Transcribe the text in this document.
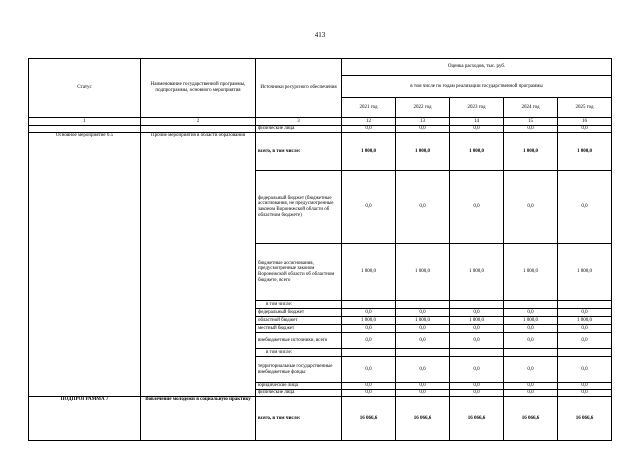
413
Статус	Наименование государственной программы, подпрограммы, основного мероприятия	Источники ресурсного обеспечения	Оценка расходов, тыс. руб.				
			в том числе по годам реализации государственной программы				
			2021 год	2022 год	2023 год	2024 год	2025 год
1	2	3	12	13	14	15	16
		физические лица	0,0	0,0	0,0	0,0	0,0
Основное мероприятие 6.5	Прочие мероприятия в области образования	всего, в том числе:	1 000,0	1 000,0	1 000,0	1 000,0	1 000,0
		федеральный бюджет (бюджетные ассигнования, не предусмотренные законом Воронежской области об областном бюджете)	0,0	0,0	0,0	0,0	0,0
		бюджетные ассигнования, предусмотренные законом Воронежской области об областном бюджете, всего	1 000,0	1 000,0	1 000,0	1 000,0	1 000,0
		в том числе:					
		федеральный бюджет	0,0	0,0	0,0	0,0	0,0
		областной бюджет	1 000,0	1 000,0	1 000,0	1 000,0	1 000,0
		местный бюджет	0,0	0,0	0,0	0,0	0,0
		внебюджетные источники, всего	0,0	0,0	0,0	0,0	0,0
		в том числе:					
		территориальные государственные внебюджетные фонды	0,0	0,0	0,0	0,0	0,0
		юридические лица	0,0	0,0	0,0	0,0	0,0
		физические лица	0,0	0,0	0,0	0,0	0,0
ПОДПРОГРАММА 7	Вовлечение молодежи в социальную практику	всего, в том числе:	16 066,6	16 066,6	16 066,6	16 066,6	16 066,6
